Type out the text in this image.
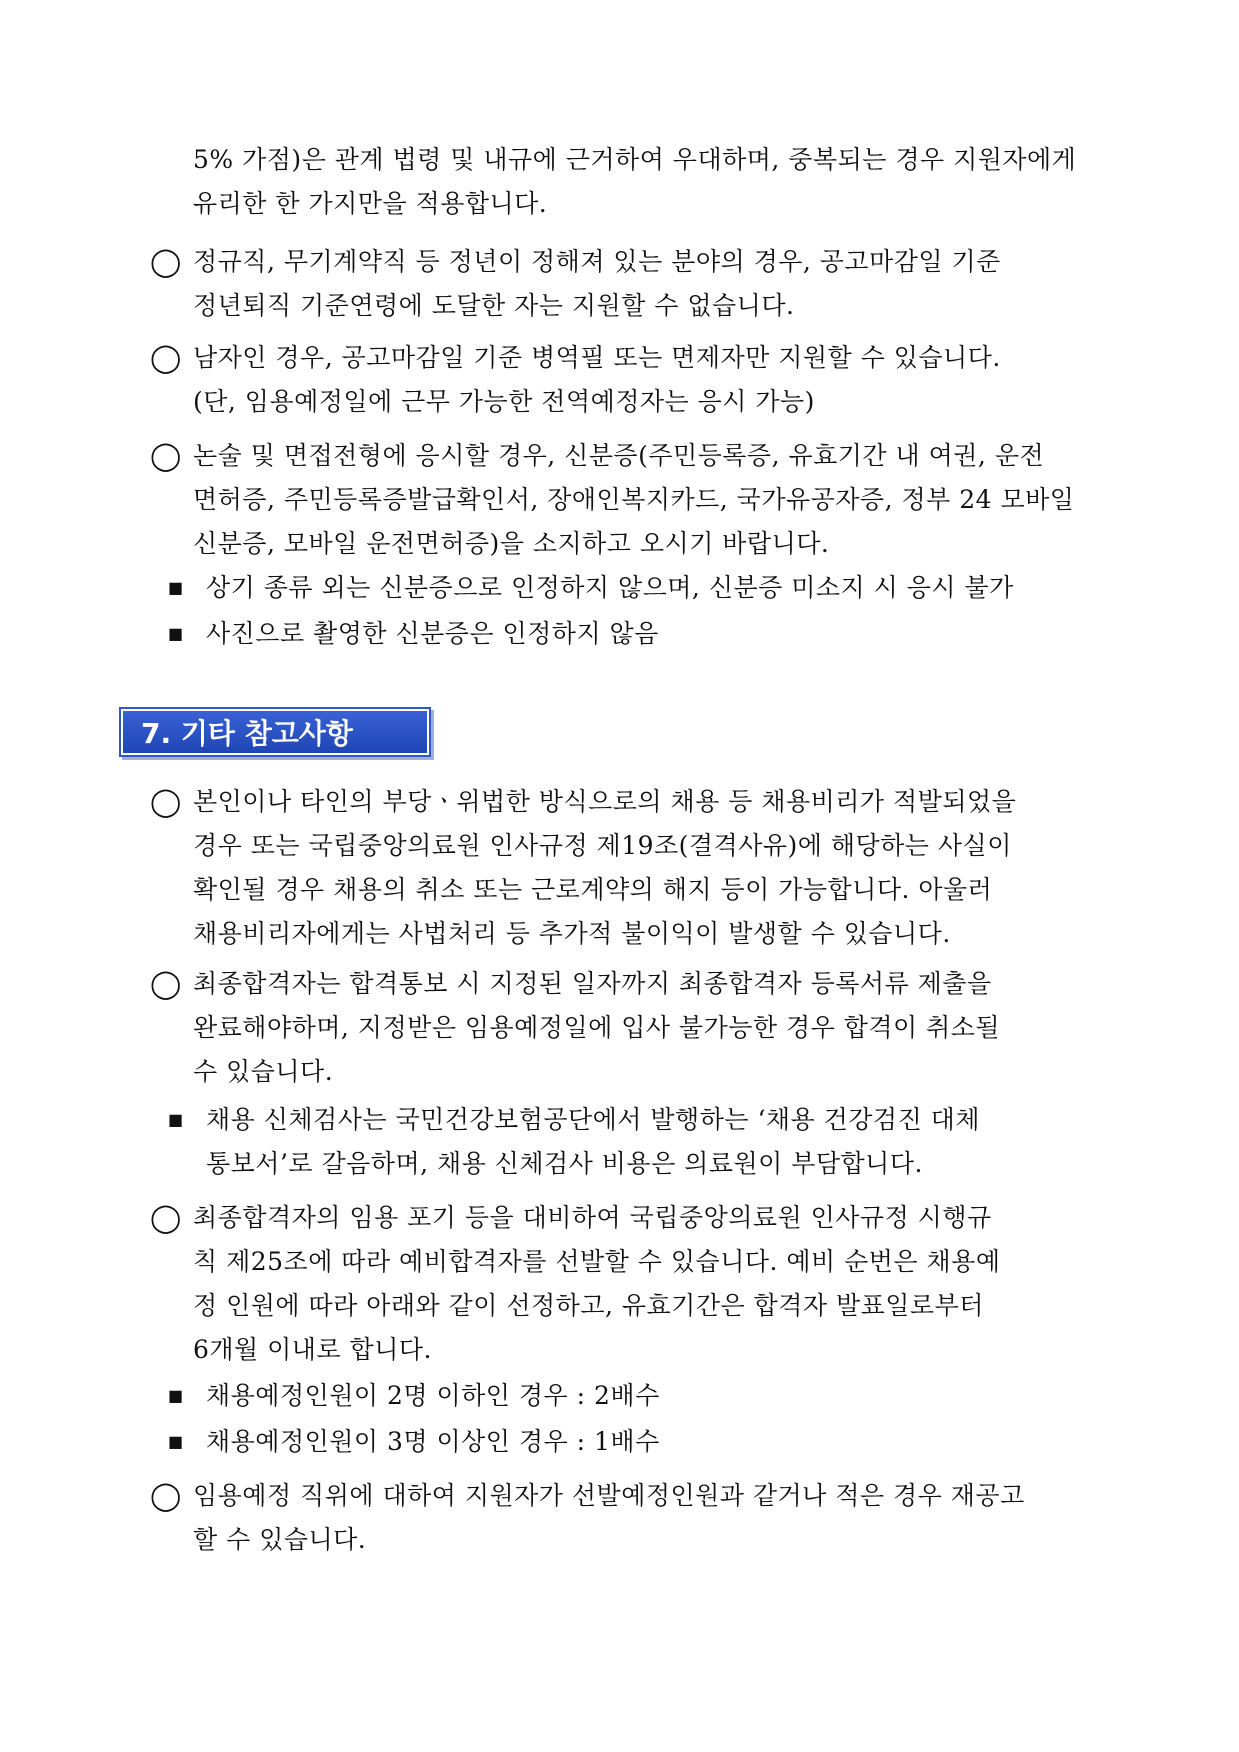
5% 가점)은 관계 법령 및 내규에 근거하여 우대하며, 중복되는 경우 지원자에게
유리한 한 가지만을 적용합니다.
◯ 정규직, 무기계약직 등 정년이 정해져 있는 분야의 경우, 공고마감일 기준
정년퇴직 기준연령에 도달한 자는 지원할 수 없습니다.
◯ 남자인 경우, 공고마감일 기준 병역필 또는 면제자만 지원할 수 있습니다.
(단, 임용예정일에 근무 가능한 전역예정자는 응시 가능)
◯ 논술 및 면접전형에 응시할 경우, 신분증(주민등록증, 유효기간 내 여권, 운전
면허증, 주민등록증발급확인서, 장애인복지카드, 국가유공자증, 정부 24 모바일
신분증, 모바일 운전면허증)을 소지하고 오시기 바랍니다.
■ 상기 종류 외는 신분증으로 인정하지 않으며, 신분증 미소지 시 응시 불가
■ 사진으로 촬영한 신분증은 인정하지 않음
7. 기타 참고사항
◯ 본인이나 타인의 부당ㆍ위법한 방식으로의 채용 등 채용비리가 적발되었을
경우 또는 국립중앙의료원 인사규정 제19조(결격사유)에 해당하는 사실이
확인될 경우 채용의 취소 또는 근로계약의 해지 등이 가능합니다. 아울러
채용비리자에게는 사법처리 등 추가적 불이익이 발생할 수 있습니다.
◯ 최종합격자는 합격통보 시 지정된 일자까지 최종합격자 등록서류 제출을
완료해야하며, 지정받은 임용예정일에 입사 불가능한 경우 합격이 취소될
수 있습니다.
■ 채용 신체검사는 국민건강보험공단에서 발행하는 ‘채용 건강검진 대체
통보서’로 갈음하며, 채용 신체검사 비용은 의료원이 부담합니다.
◯ 최종합격자의 임용 포기 등을 대비하여 국립중앙의료원 인사규정 시행규
칙 제25조에 따라 예비합격자를 선발할 수 있습니다. 예비 순번은 채용예
정 인원에 따라 아래와 같이 선정하고, 유효기간은 합격자 발표일로부터
6개월 이내로 합니다.
■ 채용예정인원이 2명 이하인 경우 : 2배수
■ 채용예정인원이 3명 이상인 경우 : 1배수
◯ 임용예정 직위에 대하여 지원자가 선발예정인원과 같거나 적은 경우 재공고
할 수 있습니다.
